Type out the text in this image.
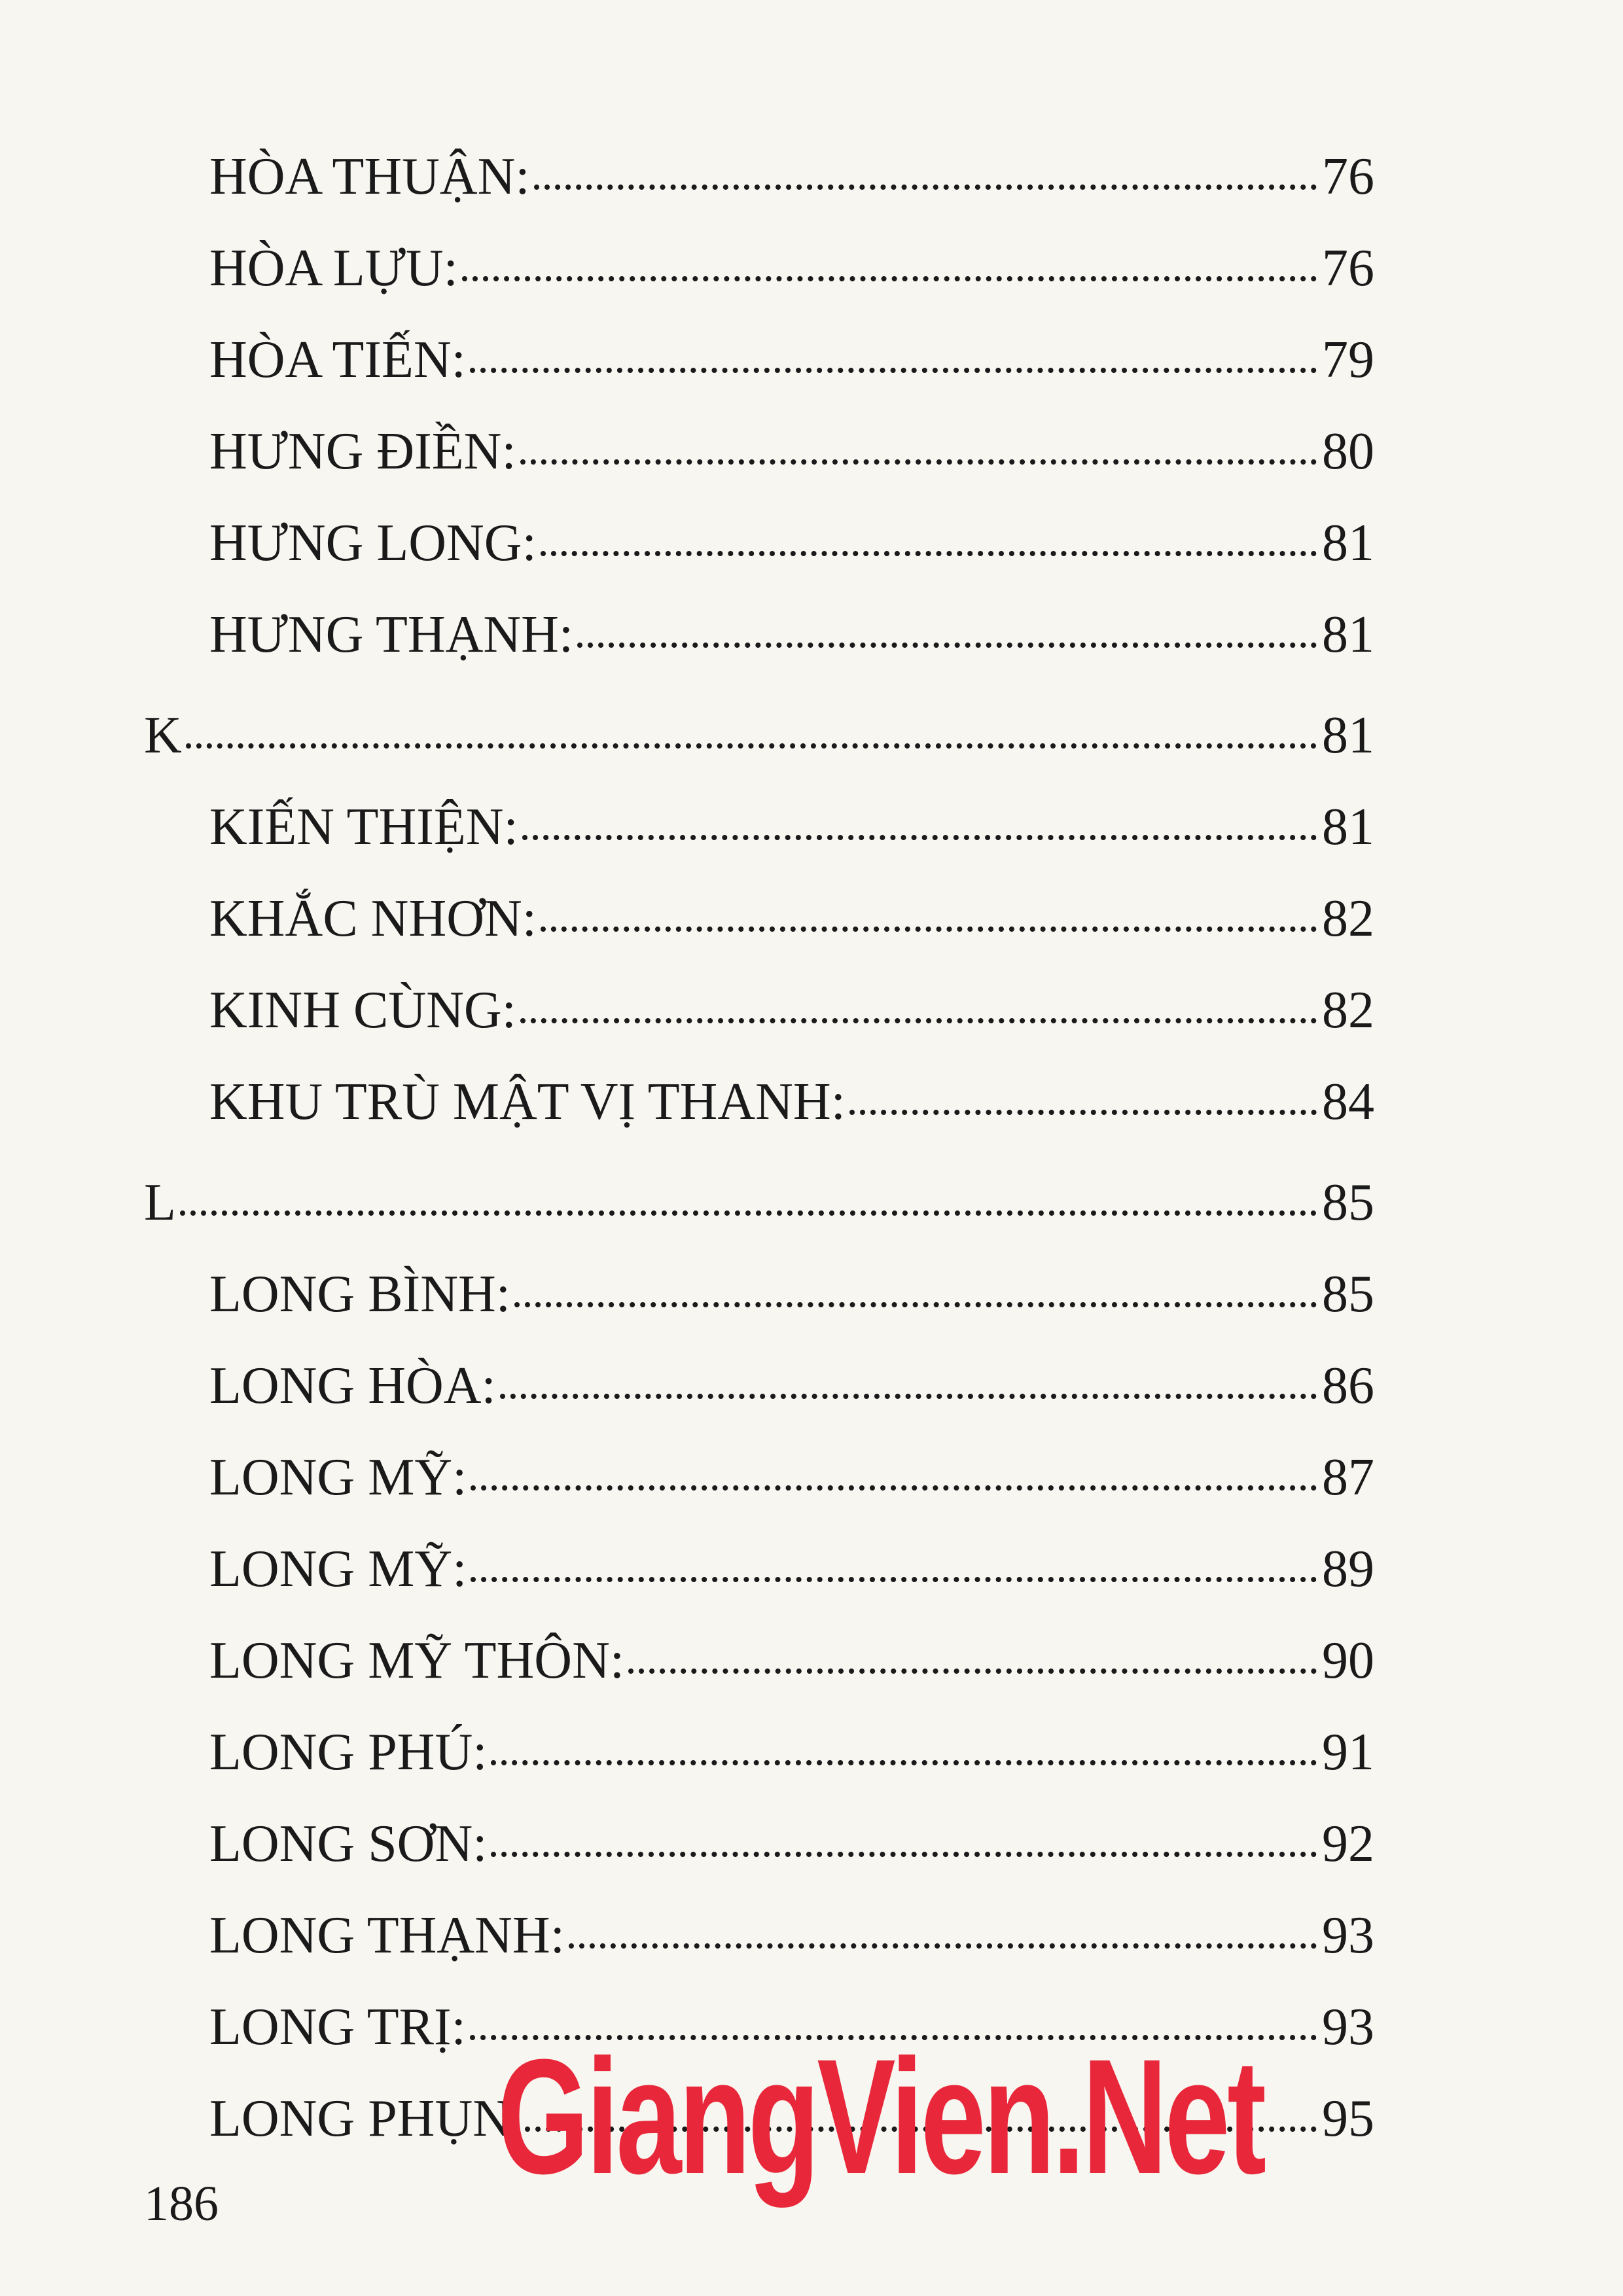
HÒA THUẬN:	76
HÒA LỰU:	76
HÒA TIẾN:	79
HƯNG ĐIỀN:	80
HƯNG LONG:	81
HƯNG THẠNH:	81
K	81
KIẾN THIỆN:	81
KHẮC NHƠN:	82
KINH CÙNG:	82
KHU TRÙ MẬT VỊ THANH:	84
L	85
LONG BÌNH:	85
LONG HÒA:	86
LONG MỸ:	87
LONG MỸ:	89
LONG MỸ THÔN:	90
LONG PHÚ:	91
LONG SƠN:	92
LONG THẠNH:	93
LONG TRỊ:	93
LONG PHỤN	95
GiangVien.Net
186
